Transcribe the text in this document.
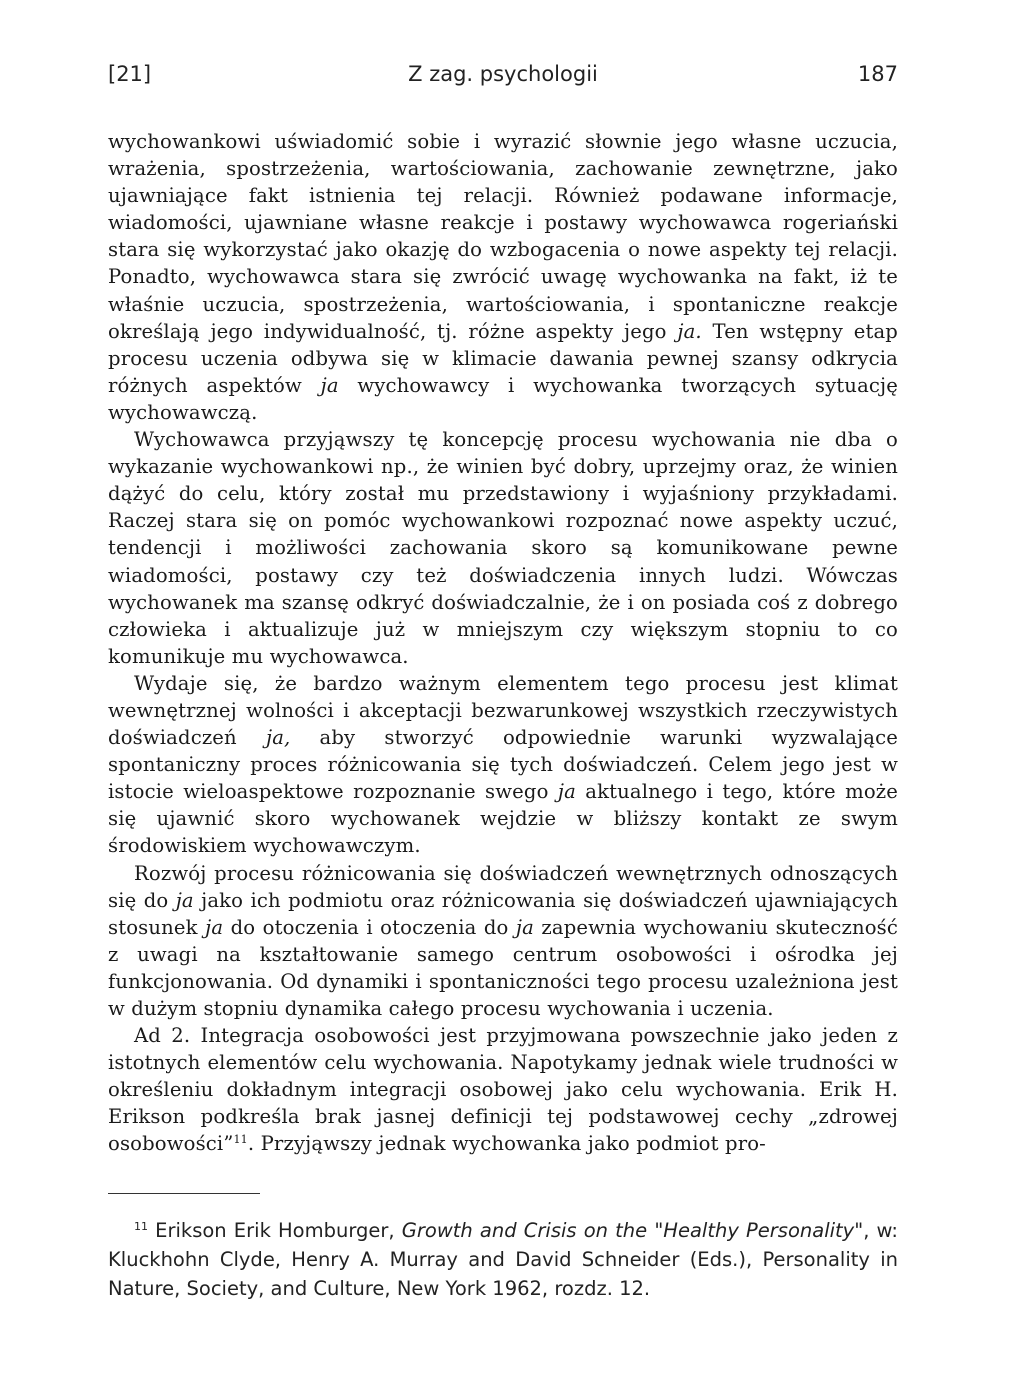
[21]	Z zag. psychologii	187

wychowankowi uświadomić sobie i wyrazić słownie jego własne uczucia, wrażenia, spostrzeżenia, wartościowania, zachowanie zewnętrzne, jako ujawniające fakt istnienia tej relacji. Również podawane informacje, wiadomości, ujawniane własne reakcje i postawy wychowawca rogeriański stara się wykorzystać jako okazję do wzbogacenia o nowe aspekty tej relacji. Ponadto, wychowawca stara się zwrócić uwagę wychowanka na fakt, iż te właśnie uczucia, spostrzeżenia, wartościowania, i spontaniczne reakcje określają jego indywidualność, tj. różne aspekty jego ja. Ten wstępny etap procesu uczenia odbywa się w klimacie dawania pewnej szansy odkrycia różnych aspektów ja wychowawcy i wychowanka tworzących sytuację wychowawczą.

Wychowawca przyjąwszy tę koncepcję procesu wychowania nie dba o wykazanie wychowankowi np., że winien być dobry, uprzejmy oraz, że winien dążyć do celu, który został mu przedstawiony i wyjaśniony przykładami. Raczej stara się on pomóc wychowankowi rozpoznać nowe aspekty uczuć, tendencji i możliwości zachowania skoro są komunikowane pewne wiadomości, postawy czy też doświadczenia innych ludzi. Wówczas wychowanek ma szansę odkryć doświadczalnie, że i on posiada coś z dobrego człowieka i aktualizuje już w mniejszym czy większym stopniu to co komunikuje mu wychowawca.

Wydaje się, że bardzo ważnym elementem tego procesu jest klimat wewnętrznej wolności i akceptacji bezwarunkowej wszystkich rzeczywistych doświadczeń ja, aby stworzyć odpowiednie warunki wyzwalające spontaniczny proces różnicowania się tych doświadczeń. Celem jego jest w istocie wieloaspektowe rozpoznanie swego ja aktualnego i tego, które może się ujawnić skoro wychowanek wejdzie w bliższy kontakt ze swym środowiskiem wychowawczym.

Rozwój procesu różnicowania się doświadczeń wewnętrznych odnoszących się do ja jako ich podmiotu oraz różnicowania się doświadczeń ujawniających stosunek ja do otoczenia i otoczenia do ja zapewnia wychowaniu skuteczność z uwagi na kształtowanie samego centrum osobowości i ośrodka jej funkcjonowania. Od dynamiki i spontaniczności tego procesu uzależniona jest w dużym stopniu dynamika całego procesu wychowania i uczenia.

Ad 2. Integracja osobowości jest przyjmowana powszechnie jako jeden z istotnych elementów celu wychowania. Napotykamy jednak wiele trudności w określeniu dokładnym integracji osobowej jako celu wychowania. Erik H. Erikson podkreśla brak jasnej definicji tej podstawowej cechy „zdrowej osobowości”$^{11}$. Przyjąwszy jednak wychowanka jako podmiot pro-

$^{11}$ Erikson Erik Homburger, Growth and Crisis on the "Healthy Personality", w: Kluckhohn Clyde, Henry A. Murray and David Schneider (Eds.), Personality in Nature, Society, and Culture, New York 1962, rozdz. 12.
